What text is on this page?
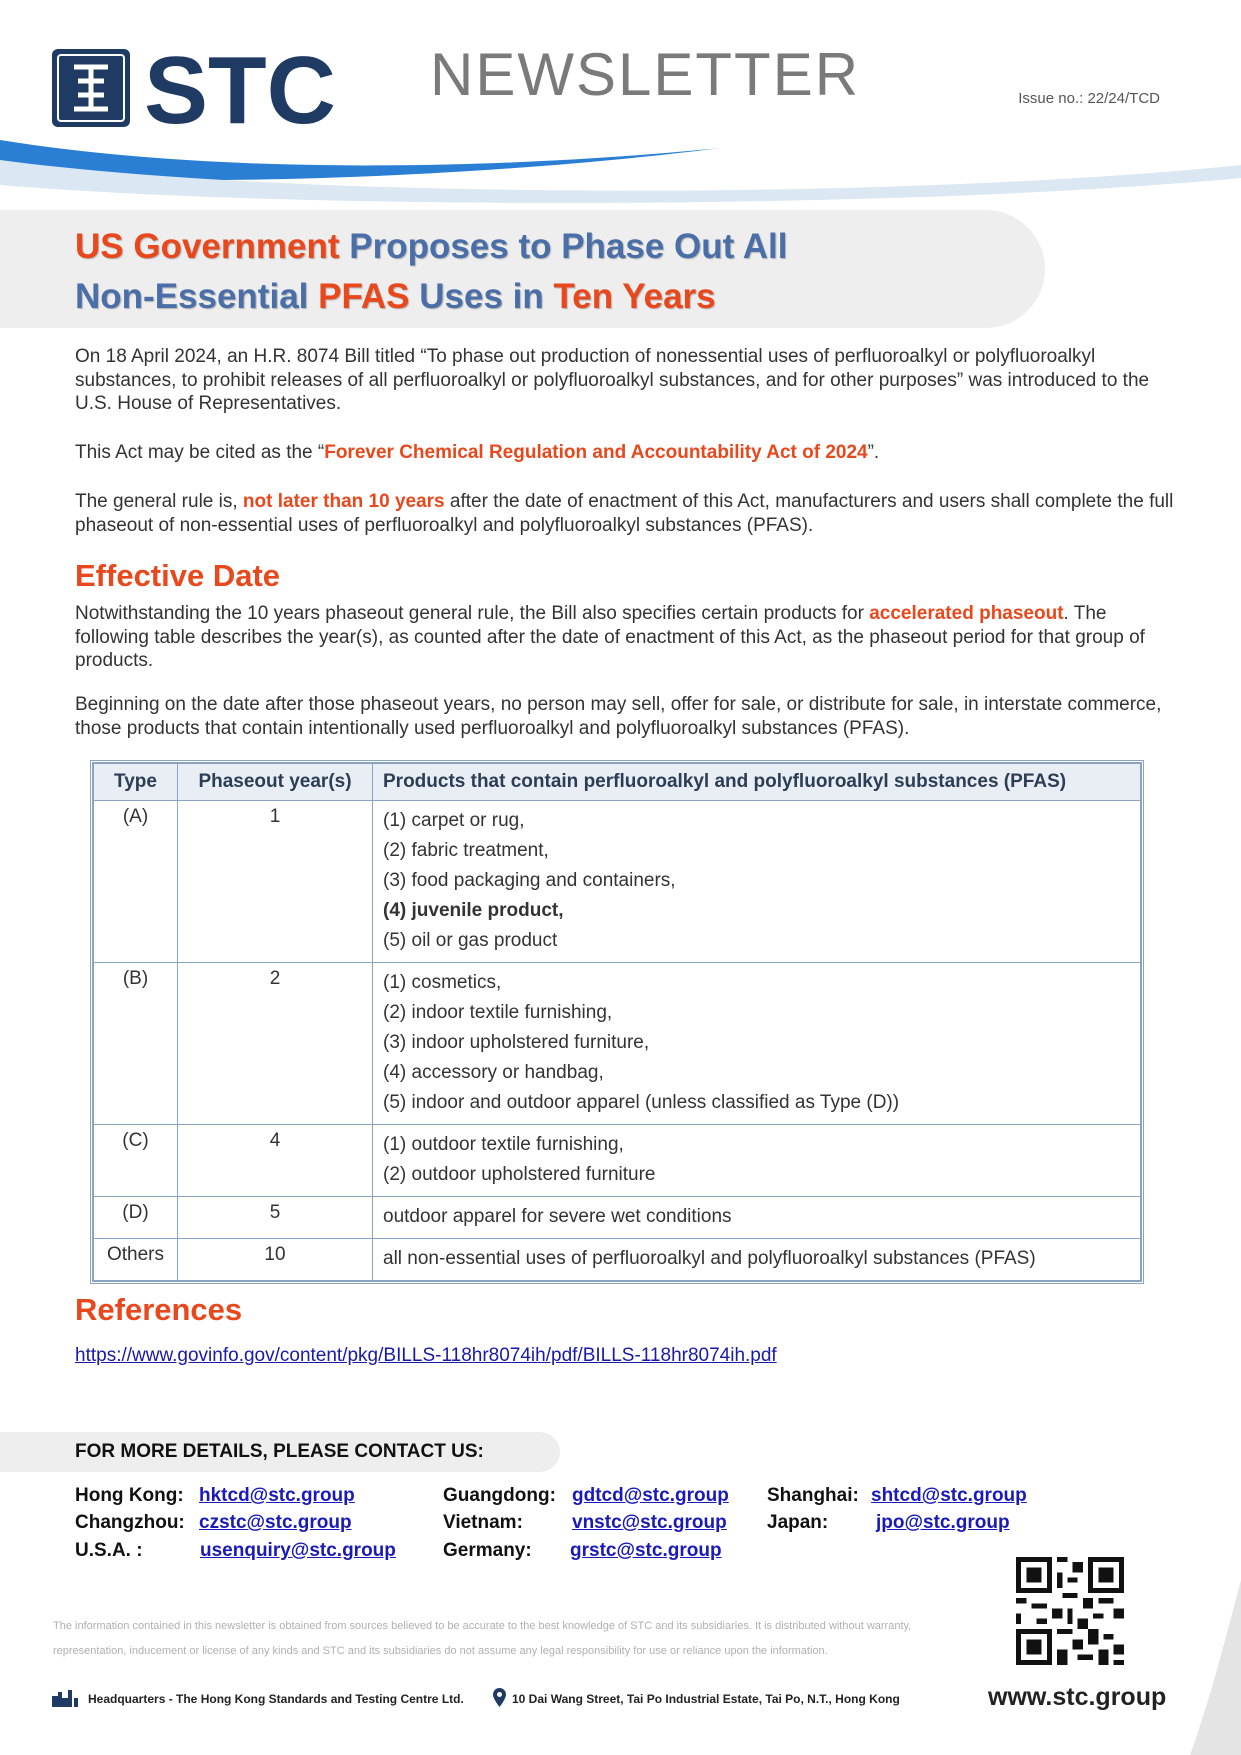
STC NEWSLETTER	Issue no.: 22/24/TCD
US Government Proposes to Phase Out All
Non-Essential PFAS Uses in Ten Years
On 18 April 2024, an H.R. 8074 Bill titled “To phase out production of nonessential uses of perfluoroalkyl or polyfluoroalkyl substances, to prohibit releases of all perfluoroalkyl or polyfluoroalkyl substances, and for other purposes” was introduced to the U.S. House of Representatives.
This Act may be cited as the “Forever Chemical Regulation and Accountability Act of 2024”.
The general rule is, not later than 10 years after the date of enactment of this Act, manufacturers and users shall complete the full phaseout of non-essential uses of perfluoroalkyl and polyfluoroalkyl substances (PFAS).
Effective Date
Notwithstanding the 10 years phaseout general rule, the Bill also specifies certain products for accelerated phaseout. The following table describes the year(s), as counted after the date of enactment of this Act, as the phaseout period for that group of products.
Beginning on the date after those phaseout years, no person may sell, offer for sale, or distribute for sale, in interstate commerce, those products that contain intentionally used perfluoroalkyl and polyfluoroalkyl substances (PFAS).
Type	Phaseout year(s)	Products that contain perfluoroalkyl and polyfluoroalkyl substances (PFAS)
(A)	1	(1) carpet or rug,
(2) fabric treatment,
(3) food packaging and containers,
(4) juvenile product,
(5) oil or gas product

(B)	2	(1) cosmetics,
(2) indoor textile furnishing,
(3) indoor upholstered furniture,
(4) accessory or handbag,
(5) indoor and outdoor apparel (unless classified as Type (D))

(C)	4	(1) outdoor textile furnishing,
(2) outdoor upholstered furniture

(D)	5	outdoor apparel for severe wet conditions

Others	10	all non-essential uses of perfluoroalkyl and polyfluoroalkyl substances (PFAS)
References
https://www.govinfo.gov/content/pkg/BILLS-118hr8074ih/pdf/BILLS-118hr8074ih.pdf
FOR MORE DETAILS, PLEASE CONTACT US:
Hong Kong: hktcd@stc.group	Guangdong: gdtcd@stc.group Shanghai: shtcd@stc.group
Changzhou: czstc@stc.group	Vietnam:	vnstc@stc.group Japan:	jpo@stc.group
U.S.A. :	usenquiry@stc.group Germany: grstc@stc.group
The information contained in this newsletter is obtained from sources believed to be accurate to the best knowledge of STC and its subsidiaries. It is distributed without warranty, representation, inducement or license of any kinds and STC and its subsidiaries do not assume any legal responsibility for use or reliance upon the information.
Headquarters - The Hong Kong Standards and Testing Centre Ltd.	10 Dai Wang Street, Tai Po Industrial Estate, Tai Po, N.T., Hong Kong	www.stc.group
